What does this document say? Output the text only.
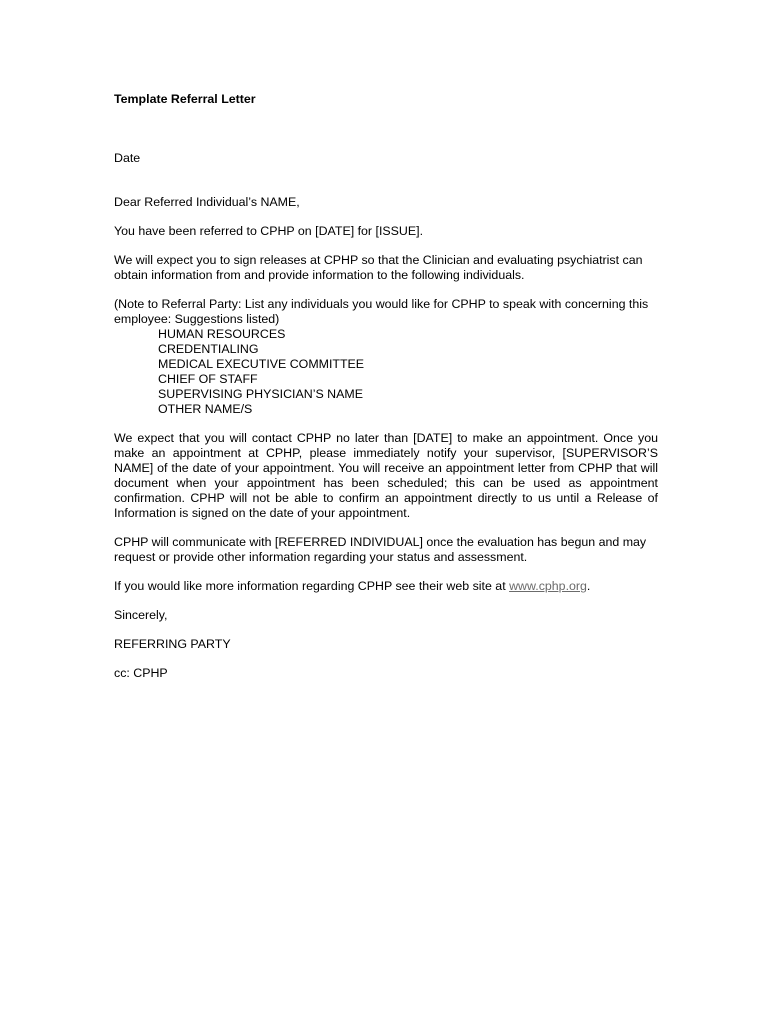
Template Referral Letter

Date

Dear Referred Individual’s NAME,

You have been referred to CPHP on [DATE] for [ISSUE].

We will expect you to sign releases at CPHP so that the Clinician and evaluating psychiatrist can obtain information from and provide information to the following individuals.

(Note to Referral Party: List any individuals you would like for CPHP to speak with concerning this

employee: Suggestions listed)

HUMAN RESOURCES
CREDENTIALING
MEDICAL EXECUTIVE COMMITTEE
CHIEF OF STAFF
SUPERVISING PHYSICIAN’S NAME
OTHER NAME/S

We expect that you will contact CPHP no later than [DATE] to make an appointment. Once you make an appointment at CPHP, please immediately notify your supervisor, [SUPERVISOR’S NAME] of the date of your appointment. You will receive an appointment letter from CPHP that will document when your appointment has been scheduled; this can be used as appointment confirmation. CPHP will not be able to confirm an appointment directly to us until a Release of Information is signed on the date of your appointment.

CPHP will communicate with [REFERRED INDIVIDUAL] once the evaluation has begun and may request or provide other information regarding your status and assessment.

If you would like more information regarding CPHP see their web site at www.cphp.org.

Sincerely,

REFERRING PARTY

cc: CPHP
